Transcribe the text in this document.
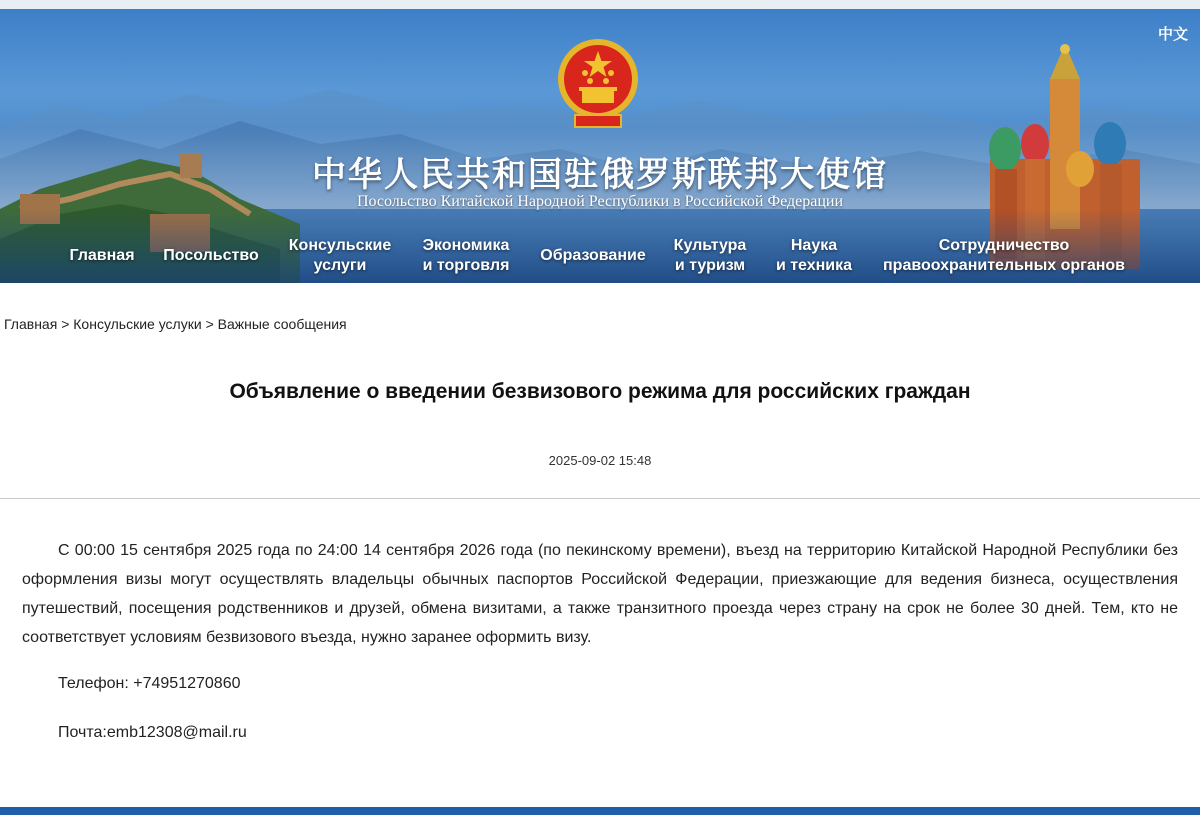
中文
中华人民共和国驻俄罗斯联邦大使馆
Посольство Китайской Народной Республики в Российской Федерации
Главная Посольство
Консульские
услуги
Экономика
и торговля
Образование
Культура
и туризм
Наука
и техника
Сотрудничество
правоохранительных органов
Главная > Консульские услуки > Важные сообщения
Объявление о введении безвизового режима для российских граждан
2025-09-02 15:48
С 00:00 15 сентября 2025 года по 24:00 14 сентября 2026 года (по пекинскому времени), въезд на территорию Китайской Народной Республики без оформления визы могут осуществлять владельцы обычных паспортов Российской Федерации, приезжающие для ведения бизнеса, осуществления путешествий, посещения родственников и друзей, обмена визитами, а также транзитного проезда через страну на срок не более 30 дней. Тем, кто не соответствует условиям безвизового въезда, нужно заранее оформить визу.
Телефон: +74951270860
Почта:emb12308@mail.ru
